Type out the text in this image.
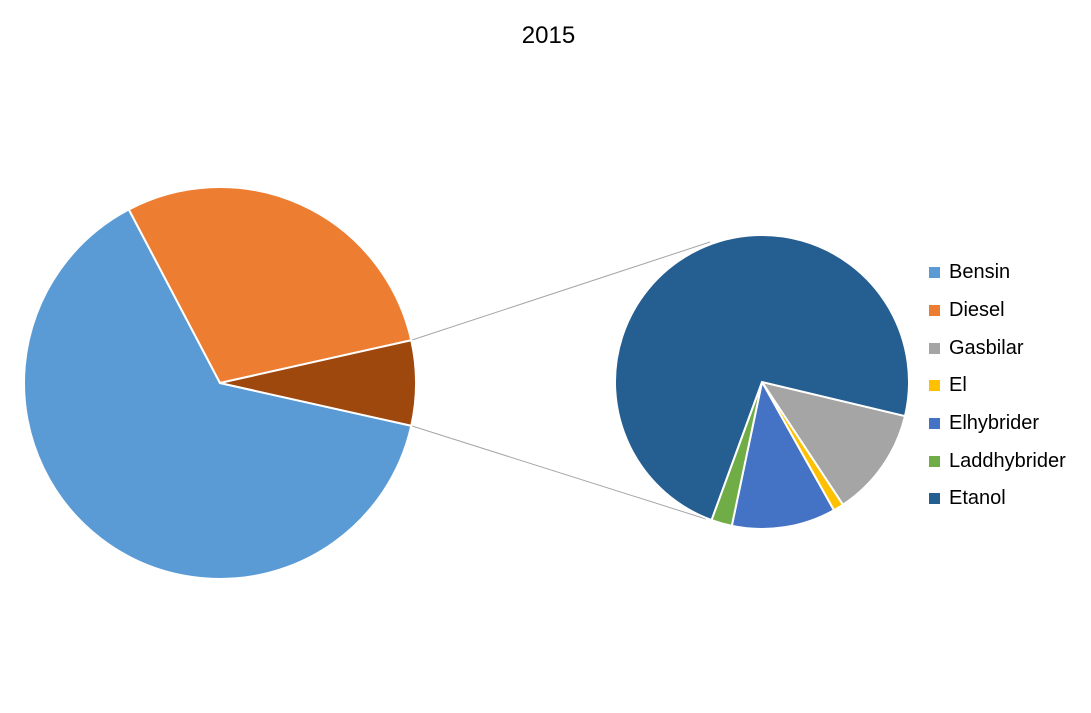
2015
Bensin
Diesel
Gasbilar
El
Elhybrider
Laddhybrider
Etanol
